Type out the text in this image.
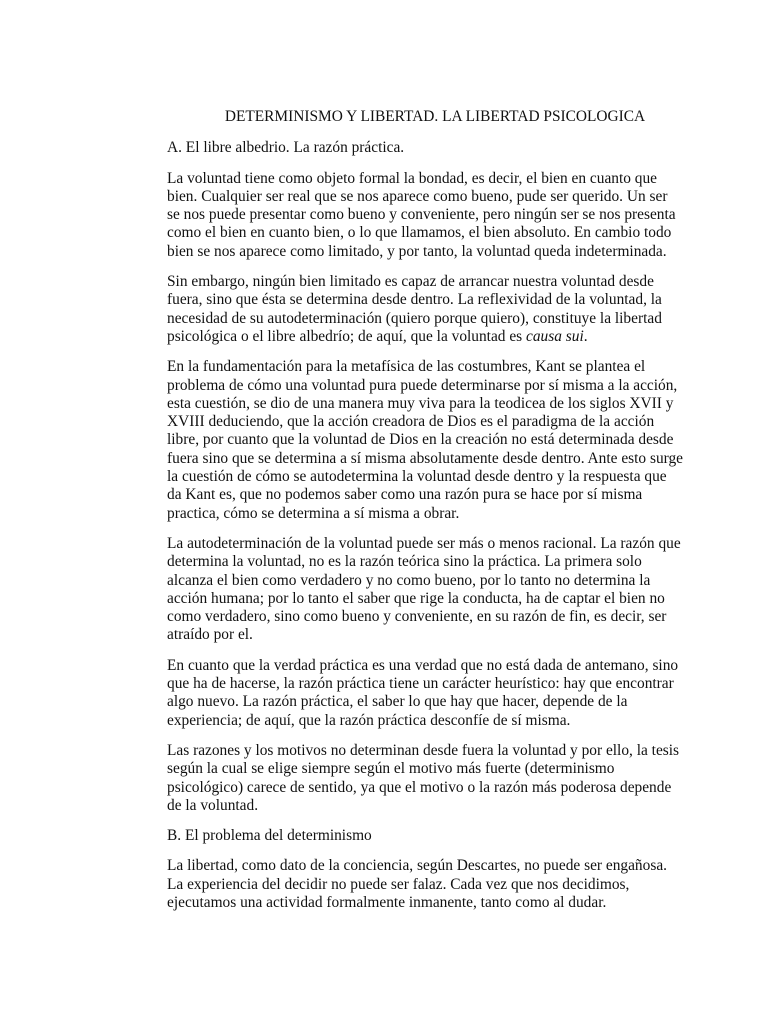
DETERMINISMO Y LIBERTAD. LA LIBERTAD PSICOLOGICA
A. El libre albedrio. La razón práctica.
La voluntad tiene como objeto formal la bondad, es decir, el bien en cuanto que bien. Cualquier ser real que se nos aparece como bueno, pude ser querido. Un ser se nos puede presentar como bueno y conveniente, pero ningún ser se nos presenta como el bien en cuanto bien, o lo que llamamos, el bien absoluto. En cambio todo bien se nos aparece como limitado, y por tanto, la voluntad queda indeterminada.
Sin embargo, ningún bien limitado es capaz de arrancar nuestra voluntad desde fuera, sino que ésta se determina desde dentro. La reflexividad de la voluntad, la necesidad de su autodeterminación (quiero porque quiero), constituye la libertad psicológica o el libre albedrío; de aquí, que la voluntad es causa sui.
En la fundamentación para la metafísica de las costumbres, Kant se plantea el problema de cómo una voluntad pura puede determinarse por sí misma a la acción, esta cuestión, se dio de una manera muy viva para la teodicea de los siglos XVII y XVIII deduciendo, que la acción creadora de Dios es el paradigma de la acción libre, por cuanto que la voluntad de Dios en la creación no está determinada desde fuera sino que se determina a sí misma absolutamente desde dentro. Ante esto surge la cuestión de cómo se autodetermina la voluntad desde dentro y la respuesta que da Kant es, que no podemos saber como una razón pura se hace por sí misma practica, cómo se determina a sí misma a obrar.
La autodeterminación de la voluntad puede ser más o menos racional. La razón que determina la voluntad, no es la razón teórica sino la práctica. La primera solo alcanza el bien como verdadero y no como bueno, por lo tanto no determina la acción humana; por lo tanto el saber que rige la conducta, ha de captar el bien no como verdadero, sino como bueno y conveniente, en su razón de fin, es decir, ser atraído por el.
En cuanto que la verdad práctica es una verdad que no está dada de antemano, sino que ha de hacerse, la razón práctica tiene un carácter heurístico: hay que encontrar algo nuevo. La razón práctica, el saber lo que hay que hacer, depende de la experiencia; de aquí, que la razón práctica desconfíe de sí misma.
Las razones y los motivos no determinan desde fuera la voluntad y por ello, la tesis según la cual se elige siempre según el motivo más fuerte (determinismo psicológico) carece de sentido, ya que el motivo o la razón más poderosa depende de la voluntad.
B. El problema del determinismo
La libertad, como dato de la conciencia, según Descartes, no puede ser engañosa. La experiencia del decidir no puede ser falaz. Cada vez que nos decidimos, ejecutamos una actividad formalmente inmanente, tanto como al dudar.
